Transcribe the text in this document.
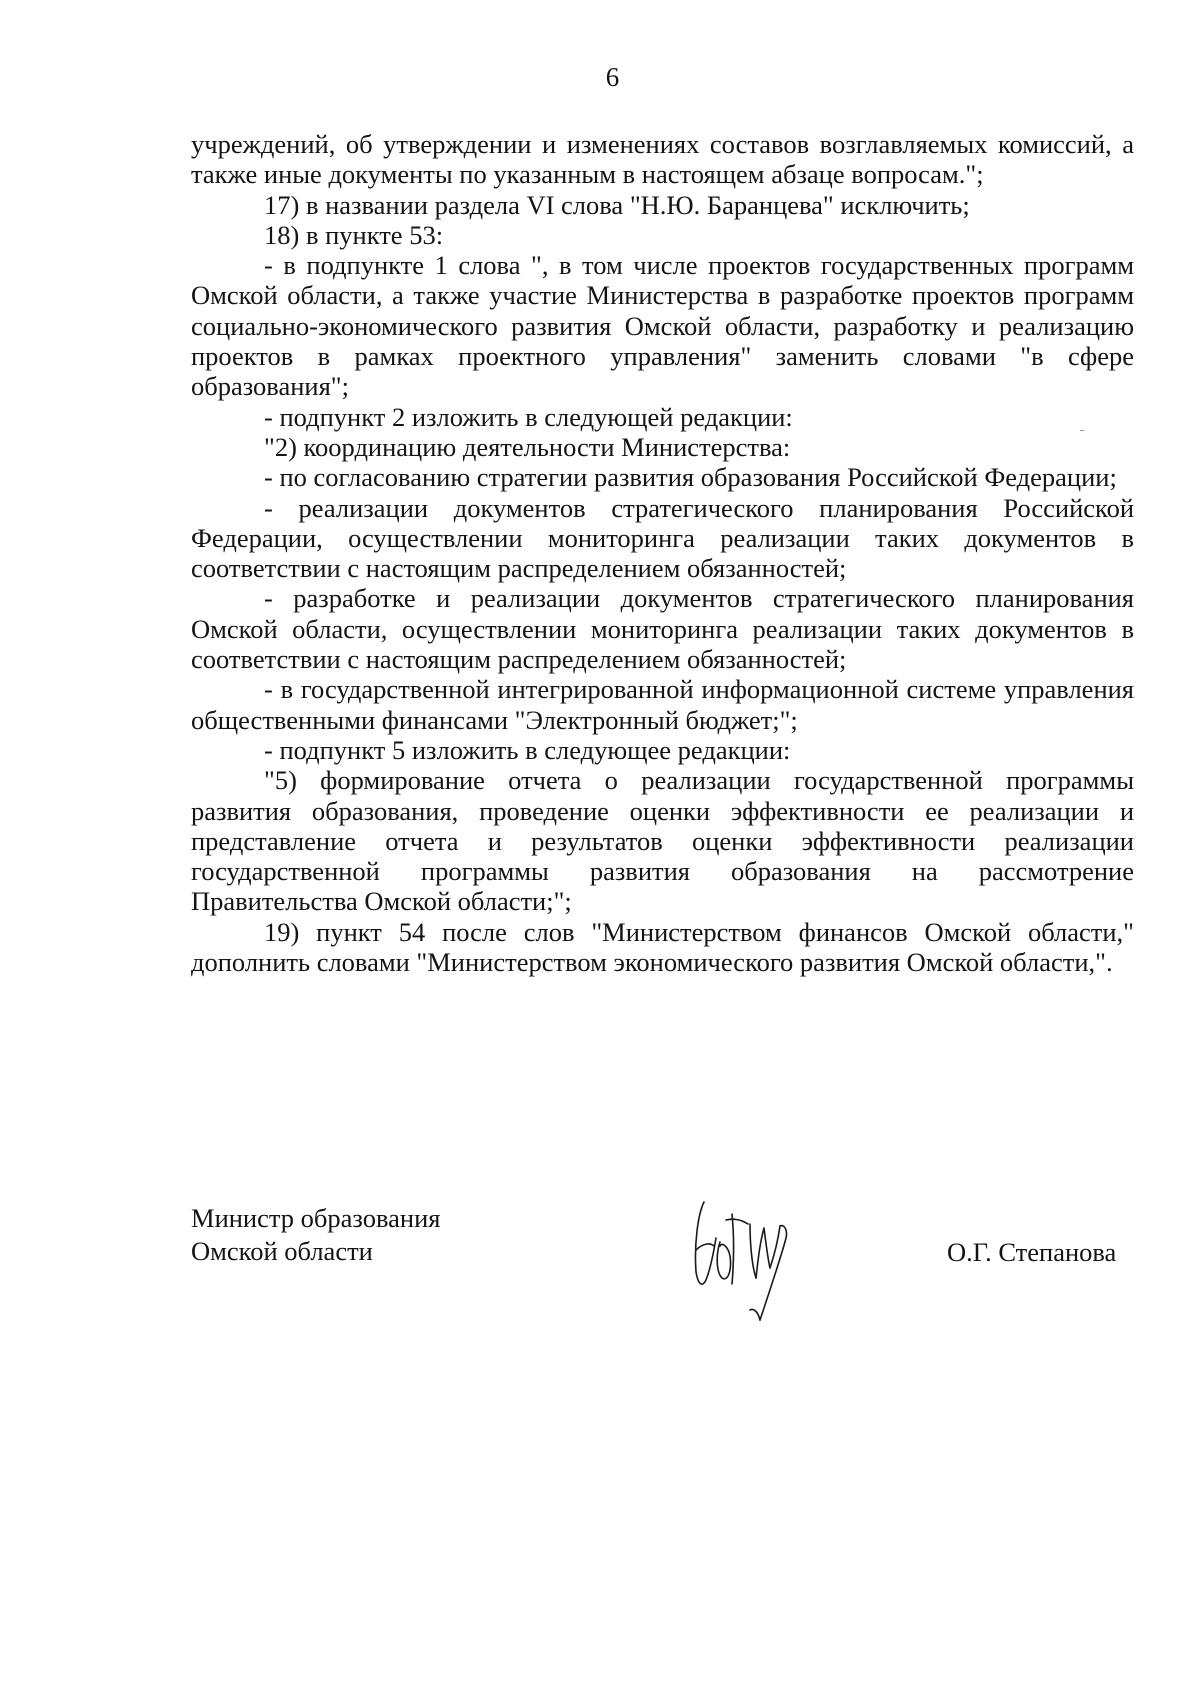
6

учреждений, об утверждении и изменениях составов возглавляемых комиссий, а также иные документы по указанным в настоящем абзаце вопросам.";

17) в названии раздела VI слова "Н.Ю. Баранцева" исключить;

18) в пункте 53:

- в подпункте 1 слова ", в том числе проектов государственных программ Омской области, а также участие Министерства в разработке проектов программ социально-экономического развития Омской области, разработку и реализацию проектов в рамках проектного управления" заменить словами "в сфере образования";

- подпункт 2 изложить в следующей редакции:

"2) координацию деятельности Министерства:

- по согласованию стратегии развития образования Российской Федерации;

- реализации документов стратегического планирования Российской Федерации, осуществлении мониторинга реализации таких документов в соответствии с настоящим распределением обязанностей;

- разработке и реализации документов стратегического планирования Омской области, осуществлении мониторинга реализации таких документов в соответствии с настоящим распределением обязанностей;

- в государственной интегрированной информационной системе управления общественными финансами "Электронный бюджет;";

- подпункт 5 изложить в следующее редакции:

"5) формирование отчета о реализации государственной программы развития образования, проведение оценки эффективности ее реализации и представление отчета и результатов оценки эффективности реализации государственной программы развития образования на рассмотрение Правительства Омской области;";

19) пункт 54 после слов "Министерством финансов Омской области," дополнить словами "Министерством экономического развития Омской области,".

Министр образования
Омской области	О.Г. Степанова
